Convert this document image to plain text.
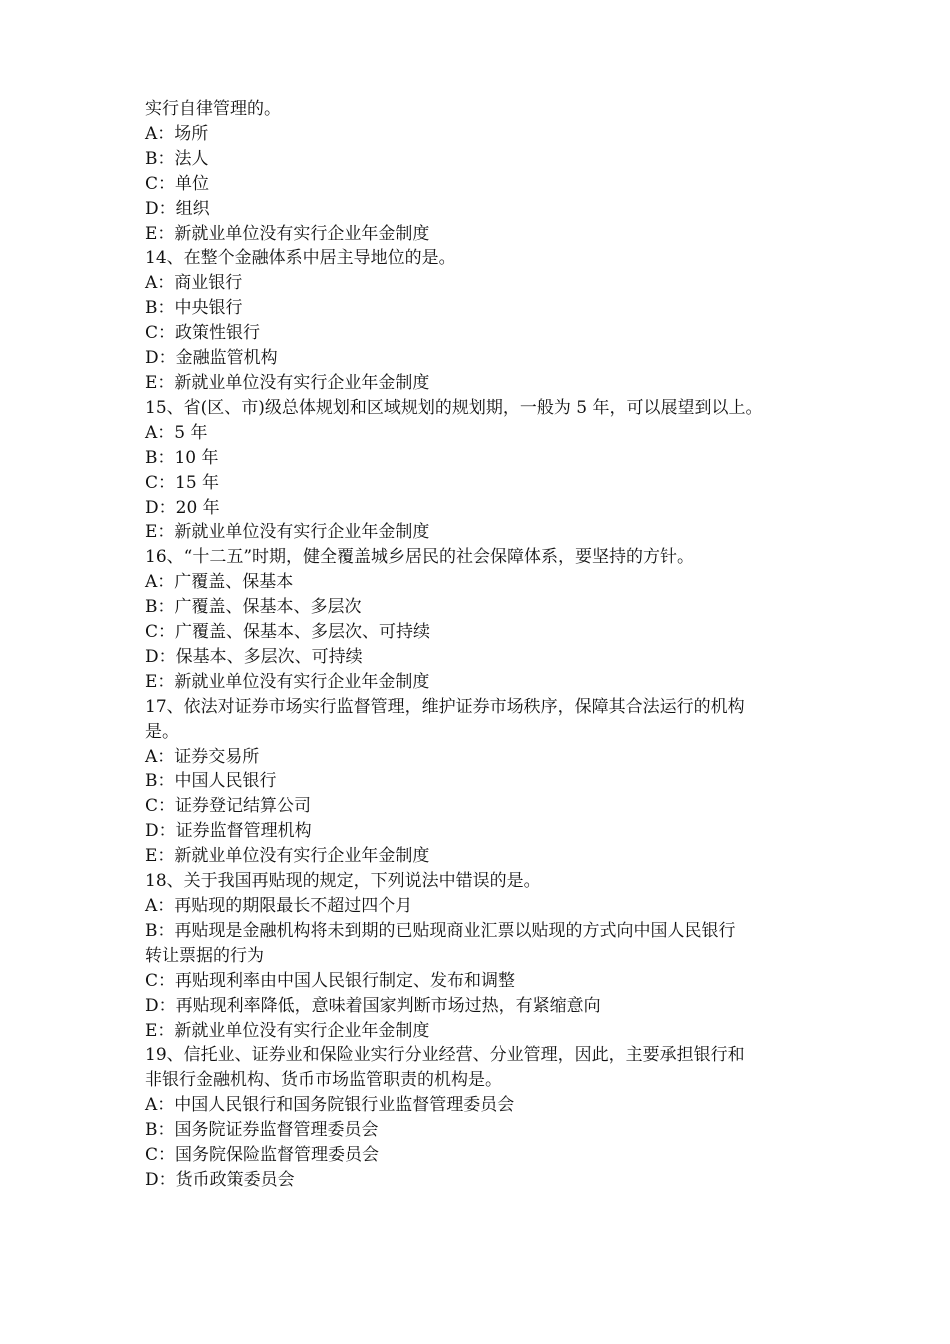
实行自律管理的。

A：场所

B：法人

C：单位

D：组织

E：新就业单位没有实行企业年金制度

14、在整个金融体系中居主导地位的是。

A：商业银行

B：中央银行

C：政策性银行

D：金融监管机构

E：新就业单位没有实行企业年金制度

15、省(区、市)级总体规划和区域规划的规划期，一般为 5 年，可以展望到以上。

A：5 年

B：10 年

C：15 年

D：20 年

E：新就业单位没有实行企业年金制度

16、“十二五”时期，健全覆盖城乡居民的社会保障体系，要坚持的方针。

A：广覆盖、保基本

B：广覆盖、保基本、多层次

C：广覆盖、保基本、多层次、可持续

D：保基本、多层次、可持续

E：新就业单位没有实行企业年金制度

17、依法对证券市场实行监督管理，维护证券市场秩序，保障其合法运行的机构

是。

A：证券交易所

B：中国人民银行

C：证券登记结算公司

D：证券监督管理机构

E：新就业单位没有实行企业年金制度

18、关于我国再贴现的规定，下列说法中错误的是。

A：再贴现的期限最长不超过四个月

B：再贴现是金融机构将未到期的已贴现商业汇票以贴现的方式向中国人民银行

转让票据的行为

C：再贴现利率由中国人民银行制定、发布和调整

D：再贴现利率降低，意味着国家判断市场过热，有紧缩意向

E：新就业单位没有实行企业年金制度

19、信托业、证券业和保险业实行分业经营、分业管理，因此，主要承担银行和

非银行金融机构、货币市场监管职责的机构是。

A：中国人民银行和国务院银行业监督管理委员会

B：国务院证券监督管理委员会

C：国务院保险监督管理委员会

D：货币政策委员会
